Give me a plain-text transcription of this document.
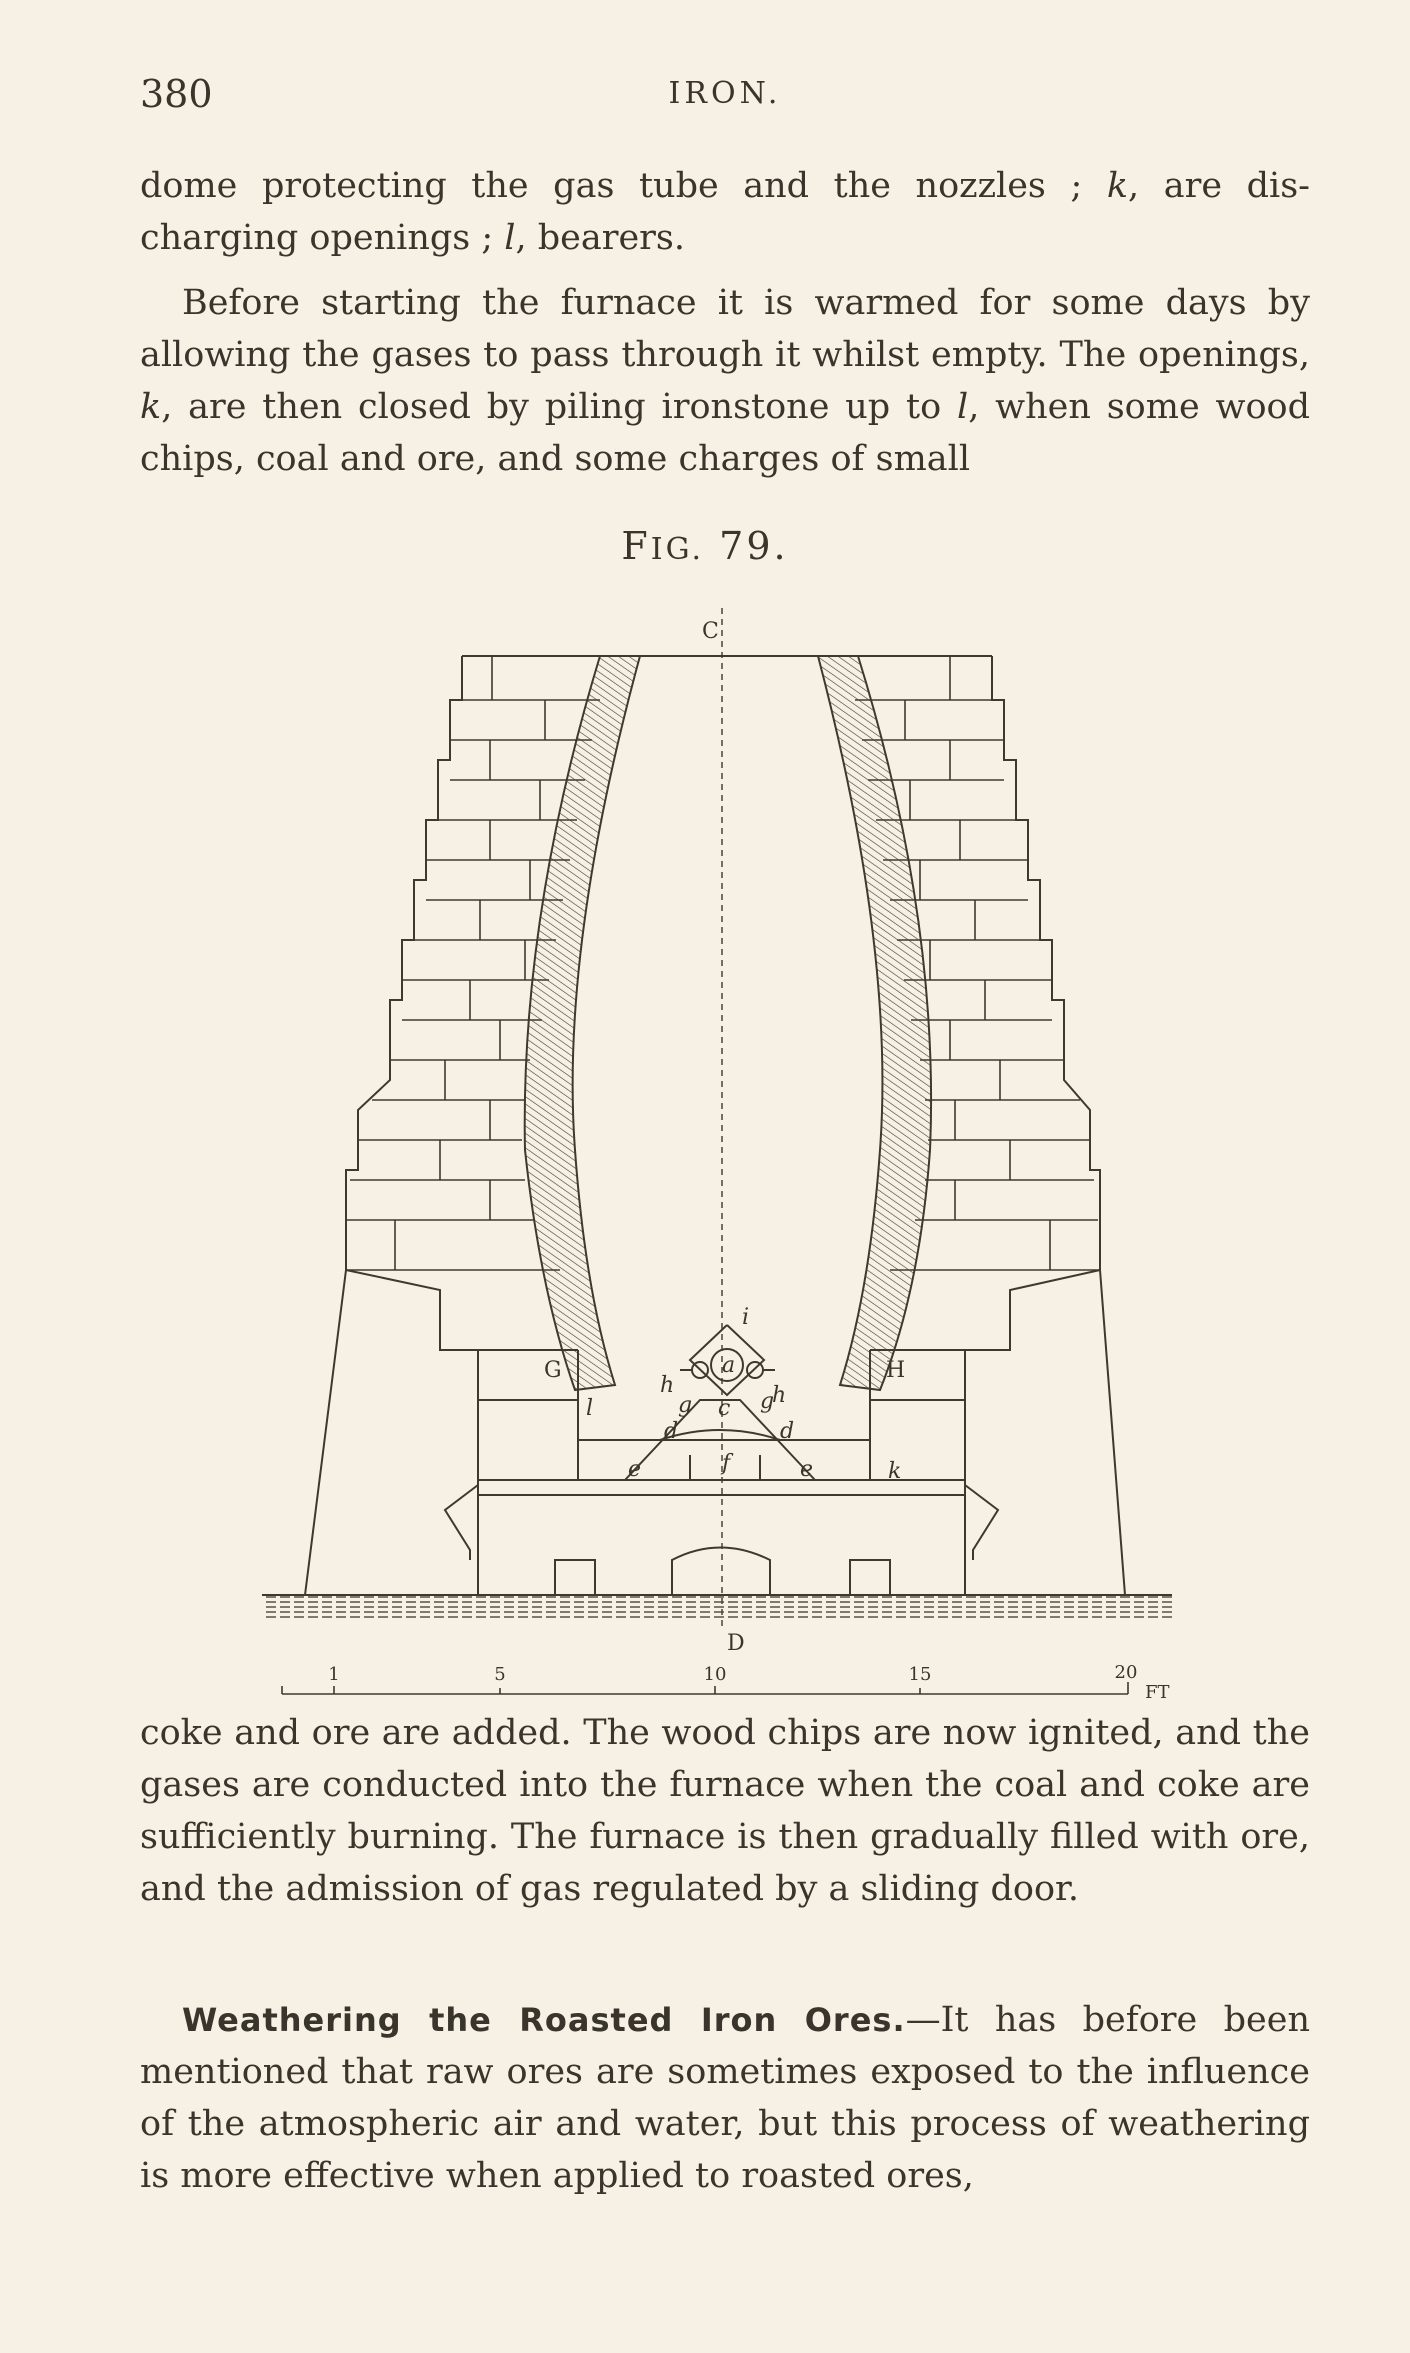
380	IRON.

dome protecting the gas tube and the nozzles ; k, are dis-charging openings ; l, bearers.

Before starting the furnace it is warmed for some days by allowing the gases to pass through it whilst empty. The openings, k, are then closed by piling ironstone up to l, when some wood chips, coal and ore, and some charges of small

FIG. 79.
C
D
G	H
a
c
d	d
e	e
f
g	g
h	h
i
k
l
1	5	10	15	20
FT

coke and ore are added. The wood chips are now ignited, and the gases are conducted into the furnace when the coal and coke are sufficiently burning. The furnace is then gradually filled with ore, and the admission of gas regulated by a sliding door.

Weathering the Roasted Iron Ores.—It has before been mentioned that raw ores are sometimes exposed to the influence of the atmospheric air and water, but this process of weathering is more effective when applied to roasted ores,
